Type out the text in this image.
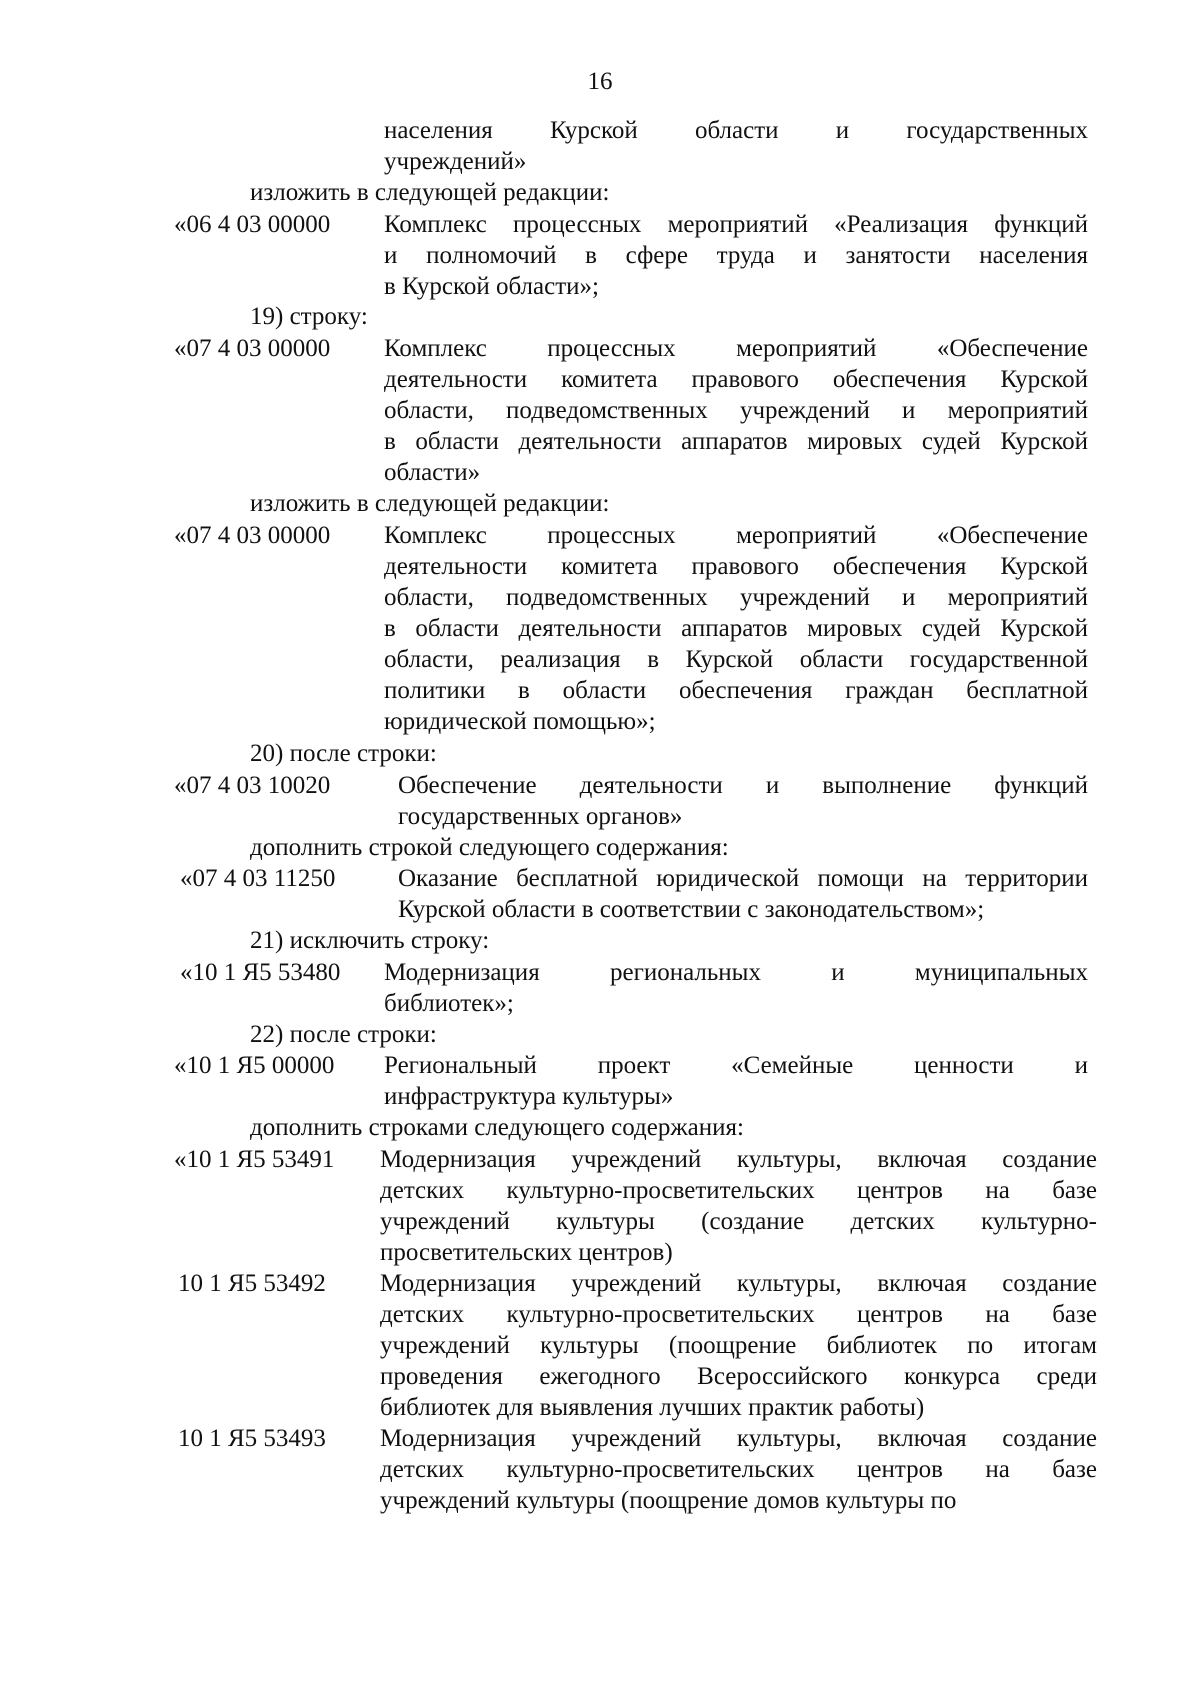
16
населения Курской области и государственных
учреждений»
изложить в следующей редакции:
«06 4 03 00000 Комплекс процессных мероприятий «Реализация функций
и полномочий в сфере труда и занятости населения
в Курской области»;
19) строку:
«07 4 03 00000 Комплекс процессных мероприятий «Обеспечение
деятельности комитета правового обеспечения Курской
области, подведомственных учреждений и мероприятий
в области деятельности аппаратов мировых судей Курской
области»
изложить в следующей редакции:
«07 4 03 00000 Комплекс процессных мероприятий «Обеспечение
деятельности комитета правового обеспечения Курской
области, подведомственных учреждений и мероприятий
в области деятельности аппаратов мировых судей Курской
области, реализация в Курской области государственной
политики в области обеспечения граждан бесплатной
юридической помощью»;
20) после строки:
«07 4 03 10020	Обеспечение деятельности и выполнение функций
государственных органов»
дополнить строкой следующего содержания:
«07 4 03 11250	Оказание бесплатной юридической помощи на территории
Курской области в соответствии с законодательством»;
21) исключить строку:
«10 1 Я5 53480 Модернизация региональных и муниципальных
библиотек»;
22) после строки:
«10 1 Я5 00000 Региональный проект «Семейные ценности и
инфраструктура культуры»
дополнить строками следующего содержания:
«10 1 Я5 53491 Модернизация учреждений культуры, включая создание
детских культурно-просветительских центров на базе
учреждений культуры (создание детских культурно-
просветительских центров)
10 1 Я5 53492 Модернизация учреждений культуры, включая создание
детских культурно-просветительских центров на базе
учреждений культуры (поощрение библиотек по итогам
проведения ежегодного Всероссийского конкурса среди
библиотек для выявления лучших практик работы)
10 1 Я5 53493 Модернизация учреждений культуры, включая создание
детских культурно-просветительских центров на базе
учреждений культуры (поощрение домов культуры по
